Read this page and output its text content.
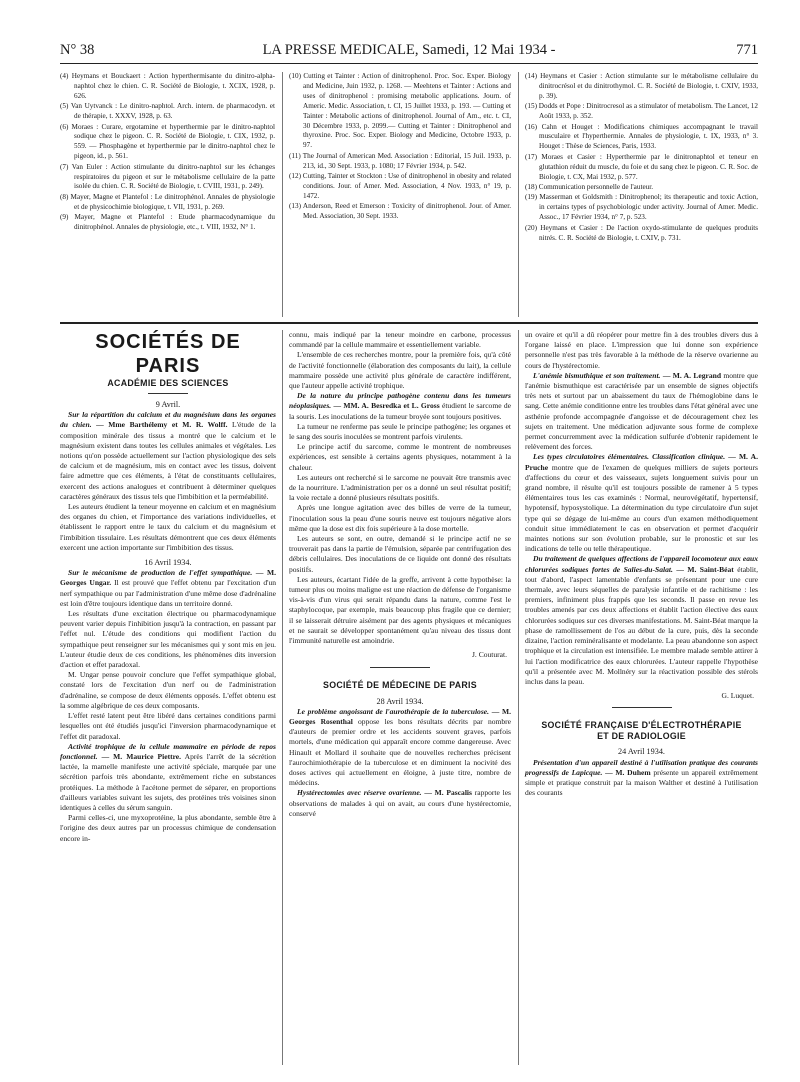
N° 38	LA PRESSE MEDICALE, Samedi, 12 Mai 1934 -	771

(4) Heymans et Bouckaert : Action hyperthermisante du dinitro-alpha-naphtol chez le chien. C. R. Société de Biologie, t. XCIX, 1928, p. 626.

(5) Van Uytvanck : Le dinitro-naphtol. Arch. intern. de pharmacodyn. et de thérapie, t. XXXV, 1928, p. 63.

(6) Moraes : Curare, ergotamine et hyperthermie par le dinitro-naphtol sodique chez le pigeon. C. R. Société de Biologie, t. CIX, 1932, p. 559. — Phosphagène et hyperthermie par le dinitro-naphtol chez le pigeon, id., p. 561.

(7) Van Euler : Action stimulante du dinitro-naphtol sur les échanges respiratoires du pigeon et sur le métabolisme cellulaire de la patte isolée du chien. C. R. Société de Biologie, t. CVIII, 1931, p. 249).

(8) Mayer, Magne et Plantefol : Le dinitrophénol. Annales de physiologie et de physicochimie biologique, t. VII, 1931, p. 269.

(9) Mayer, Magne et Plantefol : Etude pharmacodynamique du dinitrophénol. Annales de physiologie, etc., t. VIII, 1932, N° 1.

(10) Cutting et Tainter : Action of dinitrophenol. Proc. Soc. Exper. Biology and Medicine, Juin 1932, p. 1268. — Meehtens et Tainter : Actions and uses of dinitrophenol : promising metabolic applications. Journ. of Americ. Medic. Association, t. CI, 15 Juillet 1933, p. 193. — Cutting et Tainter : Metabolic actions of dinitrophenol. Journal of Am., etc. t. CI, 30 Décembre 1933, p. 2099.— Cutting et Tainter : Dinitrophenol and thyroxine. Proc. Soc. Exper. Biology and Medicine, Octobre 1933, p. 97.

(11) The Journal of American Med. Association : Editorial, 15 Juil. 1933, p. 213, id., 30 Sept. 1933, p. 1080; 17 Février 1934, p. 542.

(12) Cutting, Tainter et Stockton : Use of dinitrophenol in obesity and related conditions. Jour. of Amer. Med. Association, 4 Nov. 1933, n° 19, p. 1472.

(13) Anderson, Reed et Emerson : Toxicity of dinitrophenol. Jour. of Amer. Med. Association, 30 Sept. 1933.

(14) Heymans et Casier : Action stimulante sur le métabolisme cellulaire du dinitrocrésol et du dinitrothymol. C. R. Société de Biologie, t. CXIV, 1933, p. 39).

(15) Dodds et Pope : Dinitrocresol as a stimulator of metabolism. The Lancet, 12 Août 1933, p. 352.

(16) Cahn et Houget : Modifications chimiques accompagnant le travail musculaire et l'hyperthermie. Annales de physiologie, t. IX, 1933, n° 3. Houget : Thèse de Sciences, Paris, 1933.

(17) Moraes et Casier : Hyperthermie par le dinitronaphtol et teneur en glutathion réduit du muscle, du foie et du sang chez le pigeon. C. R. Soc. de Biologie, t. CX, Mai 1932, p. 577.

(18) Communication personnelle de l'auteur.

(19) Masserman et Goldsmith : Dinitrophenol; its therapeutic and toxic Action, in certains types of psychobiologic under activity. Journal of Amer. Medic. Assoc., 17 Février 1934, n° 7, p. 523.

(20) Heymans et Casier : De l'action oxydo-stimulante de quelques produits nitrés. C. R. Société de Biologie, t. CXIV, p. 731.

SOCIÉTÉS DE PARIS

ACADÉMIE DES SCIENCES

9 Avril.

Sur la répartition du calcium et du magnésium dans les organes du chien. — Mme Barthélemy et M. R. Wolff. L'étude de la composition minérale des tissus a montré que le calcium et le magnésium existent dans toutes les cellules animales et végétales. Les notions qu'on possède actuellement sur l'action physiologique des sels de calcium et de magnésium, mis en contact avec les tissus, doivent faire admettre que ces éléments, à l'état de constituants cellulaires, exercent des actions analogues et contribuent à déterminer quelques caractères généraux des tissus tels que l'imbibition et la perméabilité.

Les auteurs étudient la teneur moyenne en calcium et en magnésium des organes du chien, et l'importance des variations individuelles, et établissent le rapport entre le taux du calcium et du magnésium et l'imbibition tissulaire. Les résultats démontrent que ces deux éléments exercent une action importante sur l'imbibition des tissus.

16 Avril 1934.

Sur le mécanisme de production de l'effet sympathique. — M. Georges Ungar. Il est prouvé que l'effet obtenu par l'excitation d'un nerf sympathique ou par l'administration d'une même dose d'adrénaline est loin d'être toujours identique dans un territoire donné.

Les résultats d'une excitation électrique ou pharmacodynamique peuvent varier depuis l'inhibition jusqu'à la contraction, en passant par l'effet nul. L'étude des conditions qui modifient l'action du sympathique peut renseigner sur les mécanismes qui y sont mis en jeu. L'auteur étudie deux de ces conditions, les phénomènes dits inversion d'action et effet paradoxal.

M. Ungar pense pouvoir conclure que l'effet sympathique global, constaté lors de l'excitation d'un nerf ou de l'administration d'adrénaline, se compose de deux éléments opposés. L'effet obtenu est la somme algébrique de ces deux composants.

L'effet resté latent peut être libéré dans certaines conditions parmi lesquelles ont été étudiés jusqu'ici l'inversion pharmacodynamique et l'effet dit paradoxal.

Activité trophique de la cellule mammaire en période de repos fonctionnel. — M. Maurice Piettre. Après l'arrêt de la sécrétion lactée, la mamelle manifeste une activité spéciale, marquée par une sécrétion parfois très abondante, extrêmement riche en substances protéiques. La méthode à l'acétone permet de séparer, en proportions d'ailleurs variables suivant les sujets, des protéines très voisines sinon identiques à celles du sérum sanguin.

Parmi celles-ci, une myxoprotéine, la plus abondante, semble être à l'origine des deux autres par un processus chimique de condensation encore in-

connu, mais indiqué par la teneur moindre en carbone, processus commandé par la cellule mammaire et essentiellement variable.

L'ensemble de ces recherches montre, pour la première fois, qu'à côté de l'activité fonctionnelle (élaboration des composants du lait), la cellule mammaire possède une activité plus générale de caractère indifférent, que l'auteur appelle activité trophique.

De la nature du principe pathogène contenu dans les tumeurs néoplasiques. — MM. A. Besredka et L. Gross étudient le sarcome de la souris. Les inoculations de la tumeur broyée sont toujours positives.

La tumeur ne renferme pas seule le principe pathogène; les organes et le sang des souris inoculées se montrent parfois virulents.

Le principe actif du sarcome, comme le montrent de nombreuses expériences, est sensible à certains agents physiques, notamment à la chaleur.

Les auteurs ont recherché si le sarcome ne pouvait être transmis avec de la nourriture. L'administration per os a donné un seul résultat positif; la voie rectale a donné plusieurs résultats positifs.

Après une longue agitation avec des billes de verre de la tumeur, l'inoculation sous la peau d'une souris neuve est toujours négative alors même que la dose est dix fois supérieure à la dose mortelle.

Les auteurs se sont, en outre, demandé si le principe actif ne se trouverait pas dans la partie de l'émulsion, séparée par centrifugation des débris cellulaires. Des inoculations de ce liquide ont donné des résultats positifs.

Les auteurs, écartant l'idée de la greffe, arrivent à cette hypothèse: la tumeur plus ou moins maligne est une réaction de défense de l'organisme vis-à-vis d'un virus qui serait répandu dans la nature, comme l'est le staphylocoque, par exemple, mais beaucoup plus fragile que ce dernier; il se laisserait détruire aisément par des agents physiques et mécaniques et ne saurait se développer spontanément qu'au niveau des tissus dont l'immunité naturelle est amoindrie.

J. Couturat.

SOCIÉTÉ DE MÉDECINE DE PARIS

28 Avril 1934.

Le problème angoissant de l'aurothérapie de la tuberculose. — M. Georges Rosenthal oppose les bons résultats décrits par nombre d'auteurs de premier ordre et les accidents souvent graves, parfois mortels, d'une médication qui apparaît encore comme dangereuse. Avec Hinault et Mollard il souhaite que de nouvelles recherches précisent l'aurochimiothérapie de la tuberculose et en diminuent la nocivité des doses actives qui actuellement en éloigne, à juste titre, nombre de médecins.

Hystérectomies avec réserve ovarienne. — M. Pascalis rapporte les observations de malades à qui on avait, au cours d'une hystérectomie, conservé

un ovaire et qu'il a dû réopérer pour mettre fin à des troubles divers dus à l'organe laissé en place. L'impression que lui donne son expérience personnelle n'est pas très favorable à la méthode de la réserve ovarienne au cours de l'hystérectomie.

L'anémie bismuthique et son traitement. — M. A. Legrand montre que l'anémie bismuthique est caractérisée par un ensemble de signes objectifs très nets et surtout par un abaissement du taux de l'hémoglobine dans le sang. Cette anémie conditionne entre les troubles dans l'état général avec une asthénie profonde accompagnée d'angoisse et de découragement chez les sujets en traitement. Une médication adjuvante sous forme de complexe permet concurremment avec la médication sulfurée d'obtenir rapidement le relèvement des forces.

Les types circulatoires élémentaires. Classification clinique. — M. A. Pruche montre que de l'examen de quelques milliers de sujets porteurs d'affections du cœur et des vaisseaux, sujets longuement suivis pour un grand nombre, il résulte qu'il est toujours possible de ramener à 5 types élémentaires tous les cas examinés : Normal, neurovégétatif, hypertensif, hypotensif, hyposystolique. La détermination du type circulatoire d'un sujet type qui se dégage de lui-même au cours d'un examen méthodiquement conduit situe immédiatement le cas en observation et permet d'acquérir maintes notions sur son évolution probable, sur le pronostic et sur les indications de telle ou telle thérapeutique.

Du traitement de quelques affections de l'appareil locomoteur aux eaux chlorurées sodiques fortes de Salies-du-Salat. — M. Saint-Béat établit, tout d'abord, l'aspect lamentable d'enfants se présentant pour une cure thermale, avec leurs séquelles de paralysie infantile et de rachitisme : les premiers, infiniment plus frappés que les seconds. Il passe en revue les troubles amenés par ces deux affections et établit l'action élective des eaux chlorurées sodiques sur ces diverses manifestations. M. Saint-Béat marque la phase de ramollissement de l'os au début de la cure, puis, dès la seconde dizaine, l'action reminéralisante et modelante. La peau abandonne son aspect trophique et la circulation est intensifiée. Le membre malade semble attirer à lui l'action modificatrice des eaux chlorurées. L'auteur rappelle l'hypothèse qu'il a présentée avec M. Mollnéry sur la réactivation possible des stérols inclus dans la peau.

G. Luquet.

SOCIÉTÉ FRANÇAISE D'ÉLECTROTHÉRAPIE

ET DE RADIOLOGIE

24 Avril 1934.

Présentation d'un appareil destiné à l'utilisation pratique des courants progressifs de Lapicque. — M. Duhem présente un appareil extrêmement simple et pratique construit par la maison Walther et destiné à l'utilisation des courants
